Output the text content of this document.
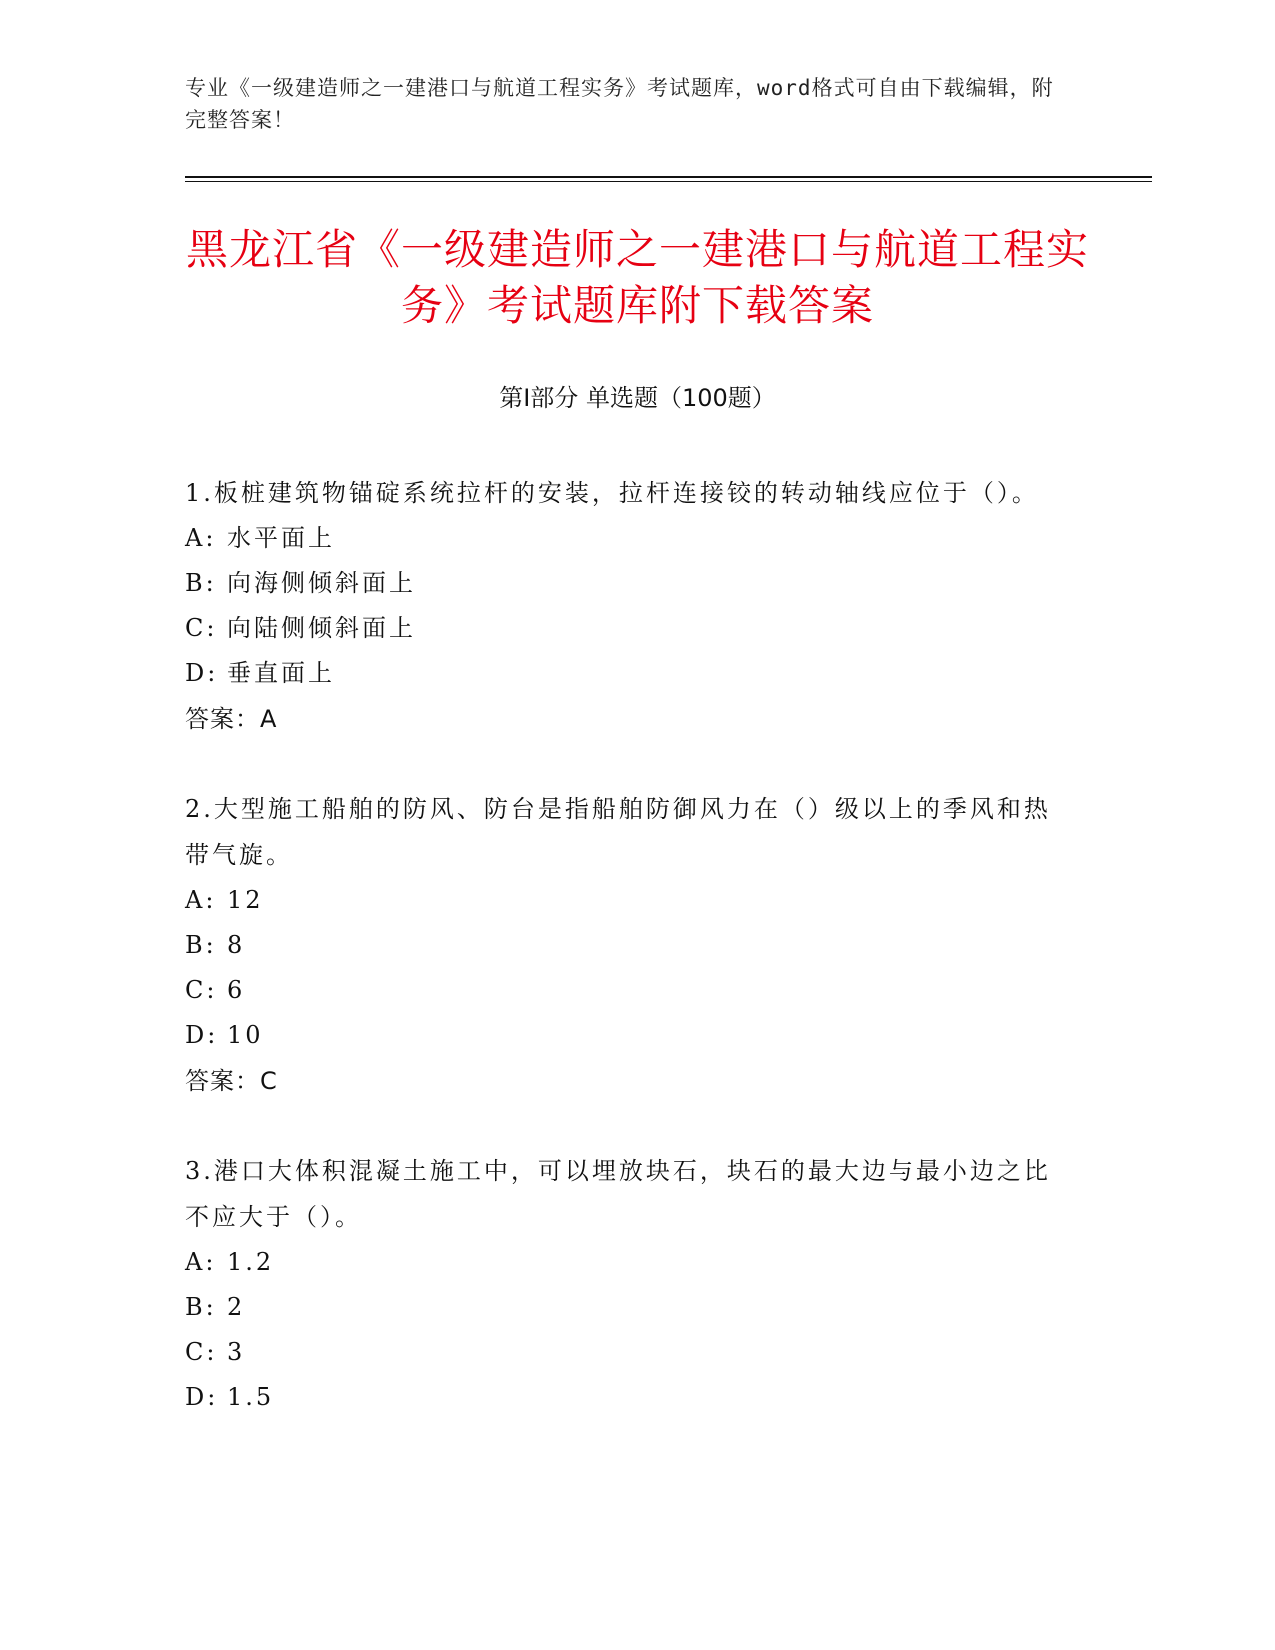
专业《一级建造师之一建港口与航道工程实务》考试题库，word格式可自由下载编辑，附完整答案！
黑龙江省《一级建造师之一建港口与航道工程实务》考试题库附下载答案
第Ⅰ部分 单选题（100题）
1.板桩建筑物锚碇系统拉杆的安装，拉杆连接铰的转动轴线应位于（）。
A: 水平面上
B: 向海侧倾斜面上
C: 向陆侧倾斜面上
D: 垂直面上
答案：A
2.大型施工船舶的防风、防台是指船舶防御风力在（）级以上的季风和热带气旋。
A: 12
B: 8
C: 6
D: 10
答案：C
3.港口大体积混凝土施工中，可以埋放块石，块石的最大边与最小边之比不应大于（）。
A: 1.2
B: 2
C: 3
D: 1.5
